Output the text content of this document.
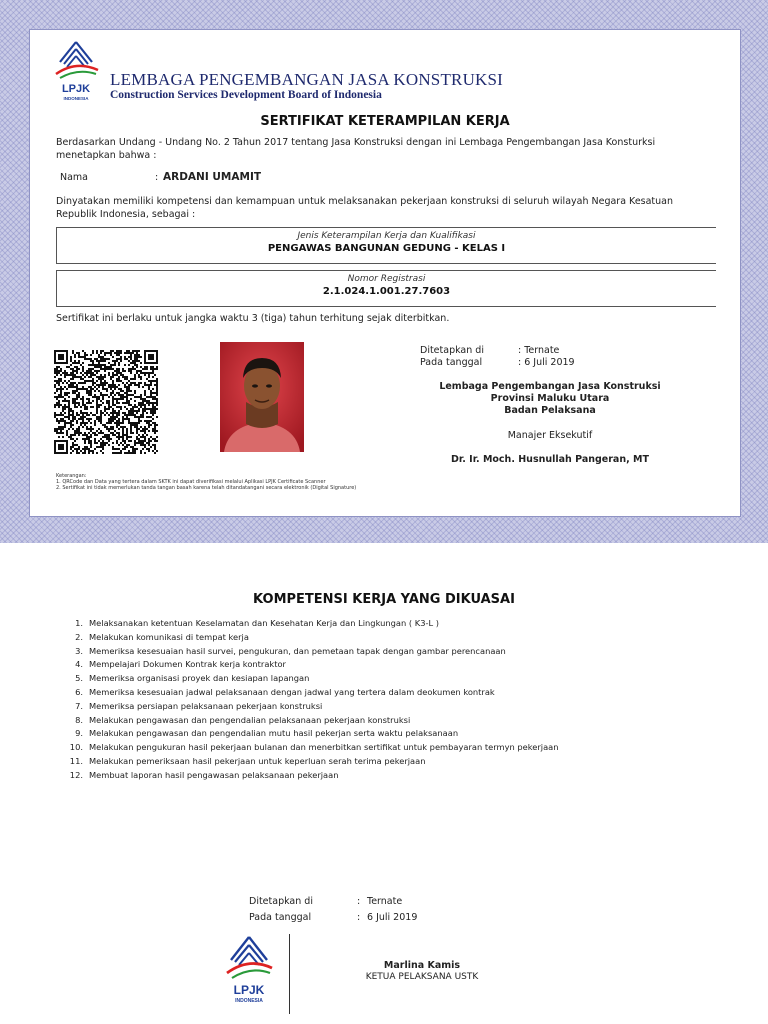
LPJK
INDONESIA
LEMBAGA PENGEMBANGAN JASA KONSTRUKSI
Construction Services Development Board of Indonesia
SERTIFIKAT KETERAMPILAN KERJA
Berdasarkan Undang - Undang No. 2 Tahun 2017 tentang Jasa Konstruksi dengan ini Lembaga Pengembangan Jasa Konsturksi menetapkan bahwa :
Nama	: ARDANI UMAMIT
Dinyatakan memiliki kompetensi dan kemampuan untuk melaksanakan pekerjaan konstruksi di seluruh wilayah Negara Kesatuan Republik Indonesia, sebagai :
Jenis Keterampilan Kerja dan Kualifikasi
PENGAWAS BANGUNAN GEDUNG - KELAS I
Nomor Registrasi
2.1.024.1.001.27.7603
Sertifikat ini berlaku untuk jangka waktu 3 (tiga) tahun terhitung sejak diterbitkan.
Ditetapkan di	: Ternate
Pada tanggal	: 6 Juli 2019
Lembaga Pengembangan Jasa Konstruksi
Provinsi Maluku Utara
Badan Pelaksana
Manajer Eksekutif
Dr. Ir. Moch. Husnullah Pangeran, MT
Keterangan:
1. QRCode dan Data yang tertera dalam SKTK ini dapat diverifikasi melalui Aplikasi LPJK Certificate Scanner
2. Sertifikat ini tidak memerlukan tanda tangan basah karena telah ditandatangani secara elektronik (Digital Signature)
KOMPETENSI KERJA YANG DIKUASAI
1. Melaksanakan ketentuan Keselamatan dan Kesehatan Kerja dan Lingkungan ( K3-L )
2. Melakukan komunikasi di tempat kerja
3. Memeriksa kesesuaian hasil survei, pengukuran, dan pemetaan tapak dengan gambar perencanaan
4. Mempelajari Dokumen Kontrak kerja kontraktor
5. Memeriksa organisasi proyek dan kesiapan lapangan
6. Memeriksa kesesuaian jadwal pelaksanaan dengan jadwal yang tertera dalam deokumen kontrak
7. Memeriksa persiapan pelaksanaan pekerjaan konstruksi
8. Melakukan pengawasan dan pengendalian pelaksanaan pekerjaan konstruksi
9. Melakukan pengawasan dan pengendalian mutu hasil pekerjan serta waktu pelaksanaan
10. Melakukan pengukuran hasil pekerjaan bulanan dan menerbitkan sertifikat untuk pembayaran termyn pekerjaan
11. Melakukan pemeriksaan hasil pekerjaan untuk keperluan serah terima pekerjaan
12. Membuat laporan hasil pengawasan pelaksanaan pekerjaan
Ditetapkan di	: Ternate
Pada tanggal	: 6 Juli 2019
LPJK
INDONESIA
Marlina Kamis
KETUA PELAKSANA USTK
